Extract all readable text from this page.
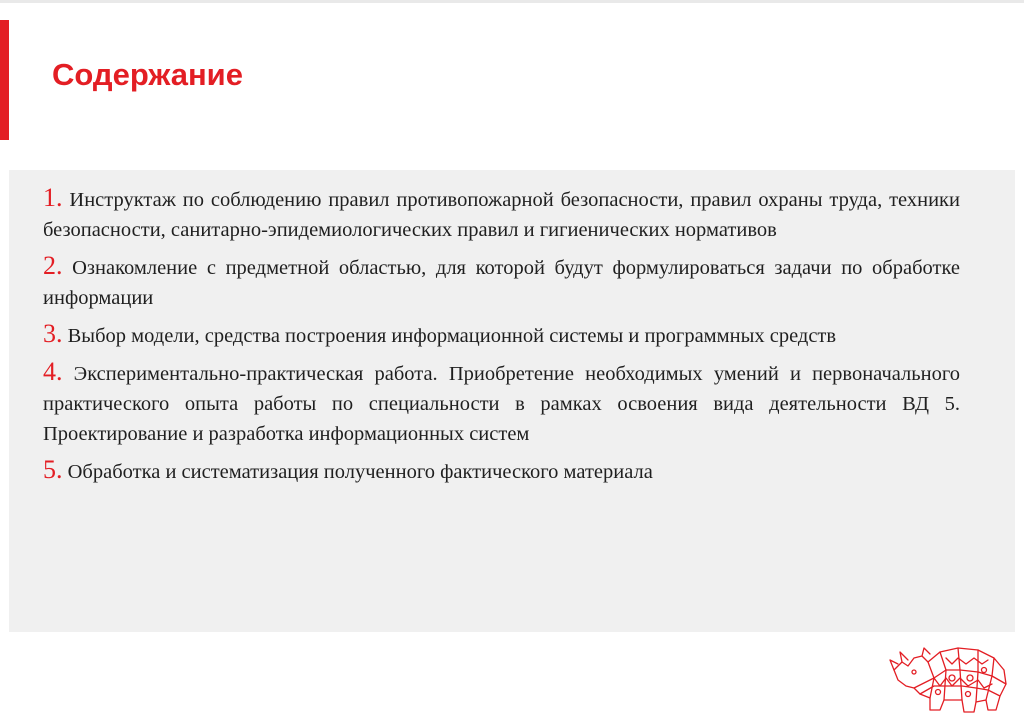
Содержание
1. Инструктаж по соблюдению правил противопожарной безопасности, правил охраны труда, техники безопасности, санитарно-эпидемиологических правил и гигиенических нормативов
2. Ознакомление с предметной областью, для которой будут формулироваться задачи по обработке информации
3. Выбор модели, средства построения информационной системы и программных средств
4. Экспериментально-практическая работа. Приобретение необходимых умений и первоначального практического опыта работы по специальности в рамках освоения вида деятельности ВД 5. Проектирование и разработка информационных систем
5. Обработка и систематизация полученного фактического материала
